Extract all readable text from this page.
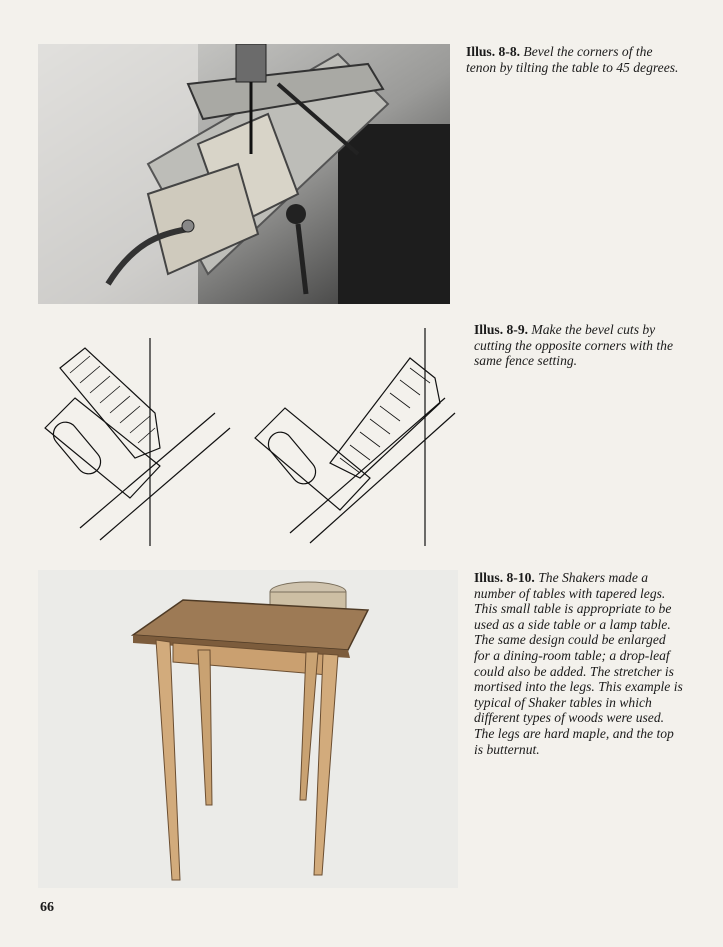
Illus. 8-8. Bevel the corners of the tenon by tilting the table to 45 degrees.
Illus. 8-9. Make the bevel cuts by cutting the opposite corners with the same fence setting.
Illus. 8-10. The Shakers made a number of tables with tapered legs. This small table is appropriate to be used as a side table or a lamp table. The same design could be enlarged for a dining-room table; a drop-leaf could also be added. The stretcher is mortised into the legs. This example is typical of Shaker tables in which different types of woods were used. The legs are hard maple, and the top is butternut.
66
